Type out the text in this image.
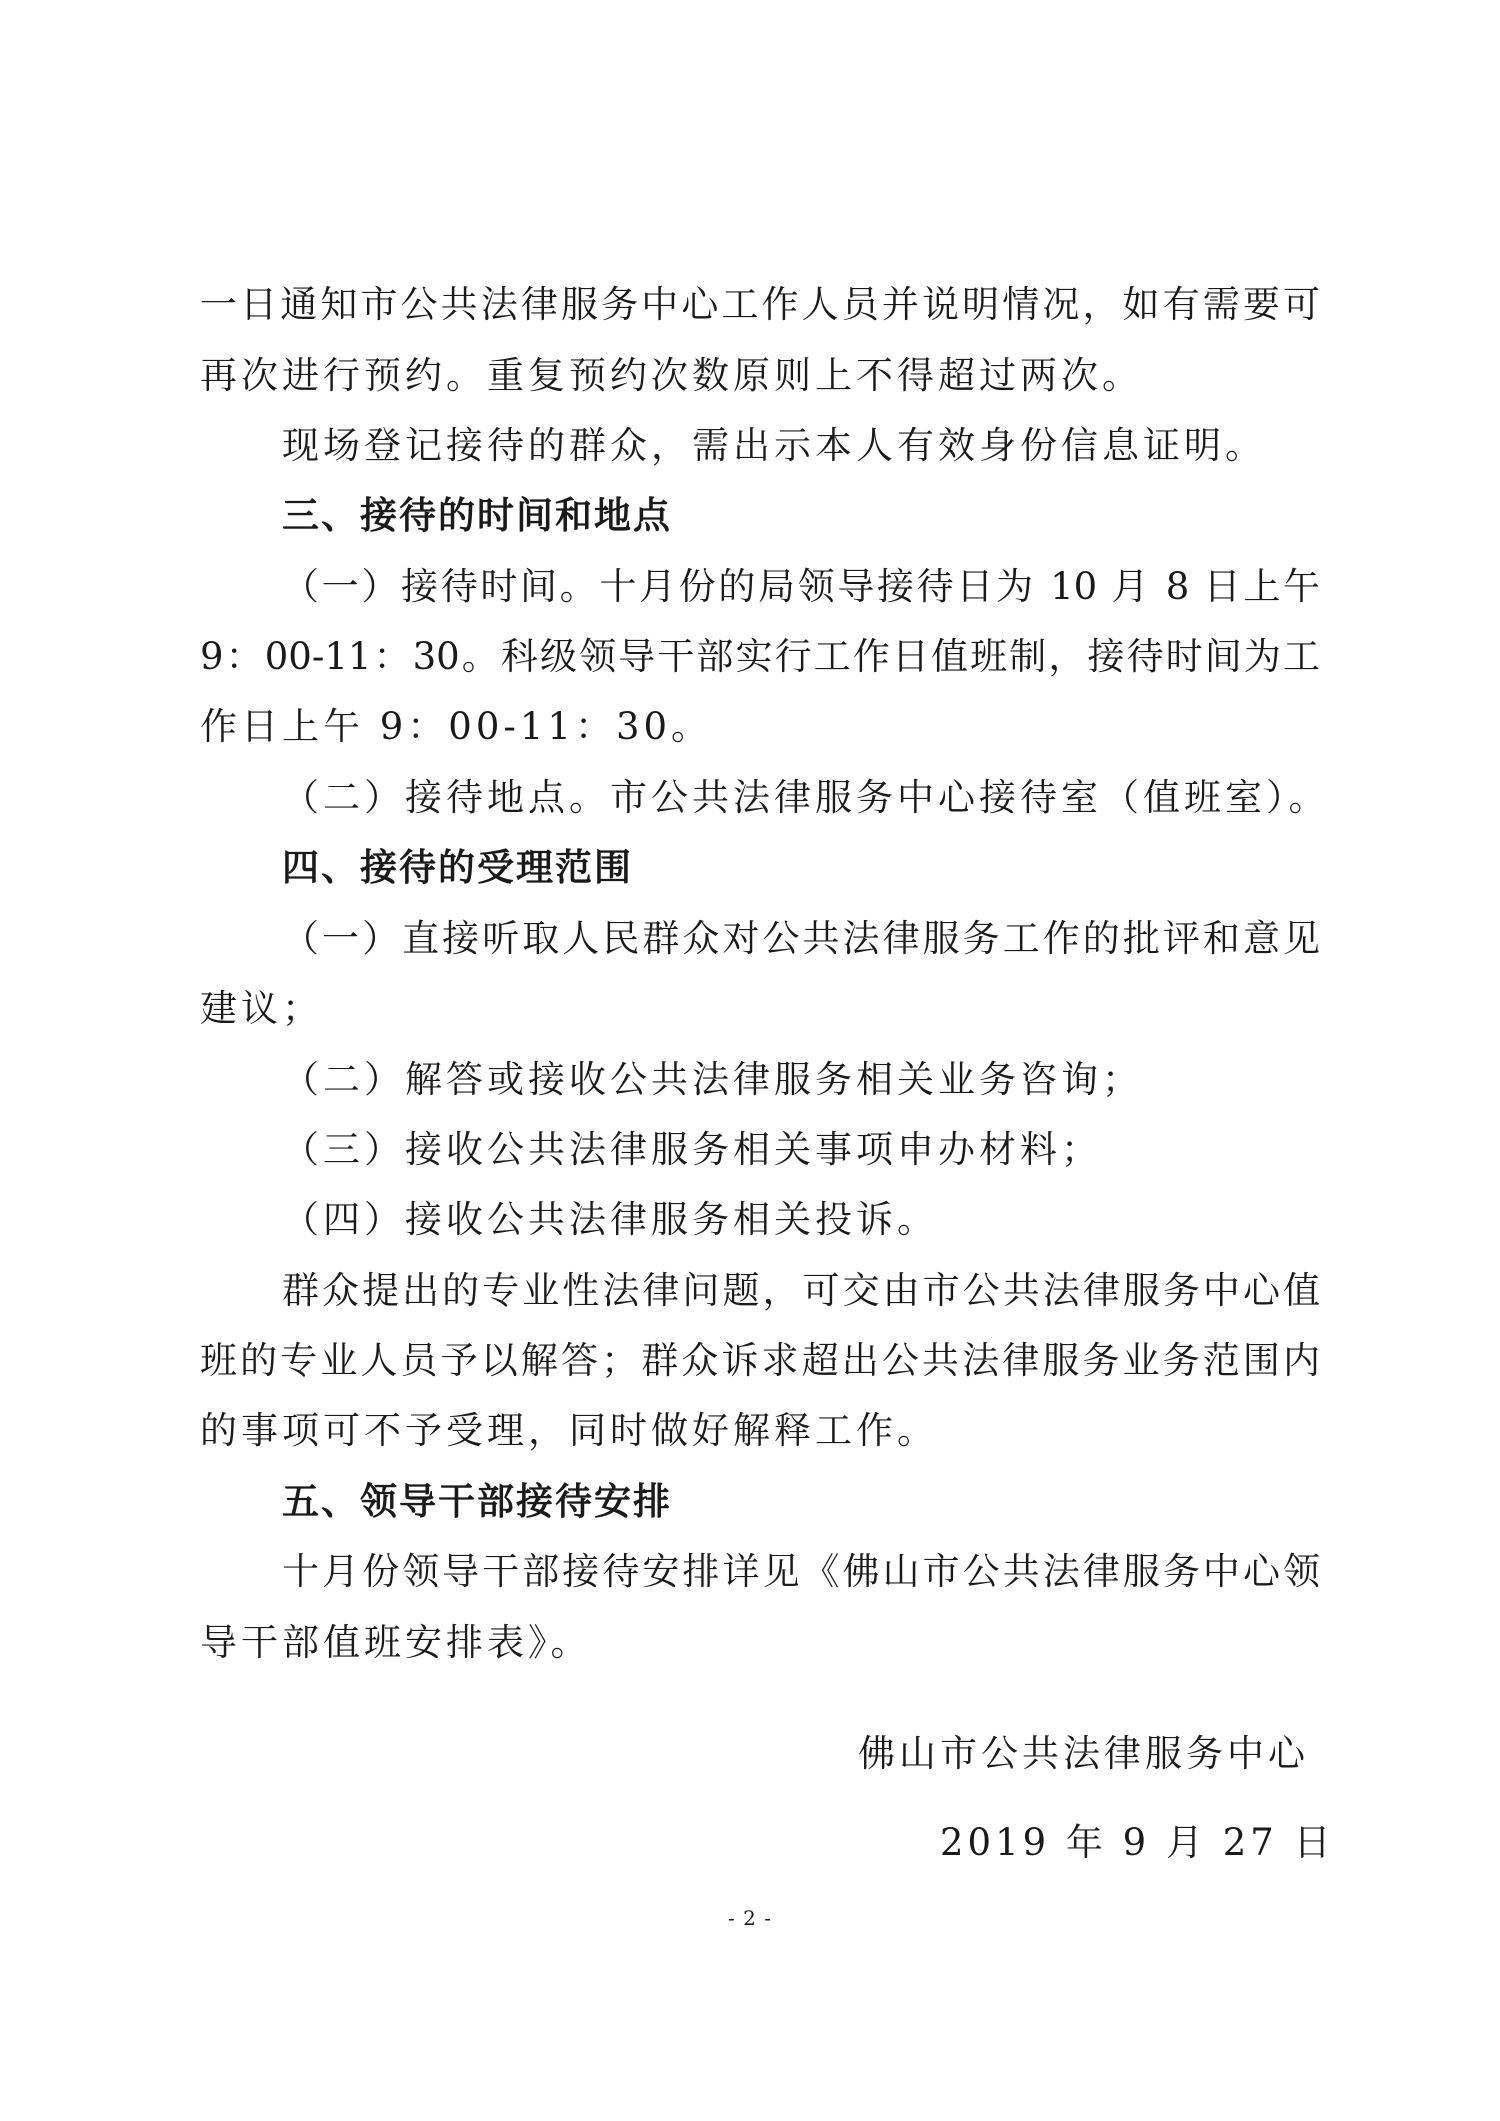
一日通知市公共法律服务中心工作人员并说明情况，如有需要可
再次进行预约。重复预约次数原则上不得超过两次。
现场登记接待的群众，需出示本人有效身份信息证明。
三、接待的时间和地点
（一）接待时间。十月份的局领导接待日为 10 月 8 日上午
9：00-11：30。科级领导干部实行工作日值班制，接待时间为工
作日上午 9：00-11：30。
（二）接待地点。市公共法律服务中心接待室（值班室）。
四、接待的受理范围
（一）直接听取人民群众对公共法律服务工作的批评和意见
建议；
（二）解答或接收公共法律服务相关业务咨询；
（三）接收公共法律服务相关事项申办材料；
（四）接收公共法律服务相关投诉。
群众提出的专业性法律问题，可交由市公共法律服务中心值
班的专业人员予以解答；群众诉求超出公共法律服务业务范围内
的事项可不予受理，同时做好解释工作。
五、领导干部接待安排
十月份领导干部接待安排详见《佛山市公共法律服务中心领
导干部值班安排表》。
佛山市公共法律服务中心
2019 年 9 月 27 日
- 2 -
